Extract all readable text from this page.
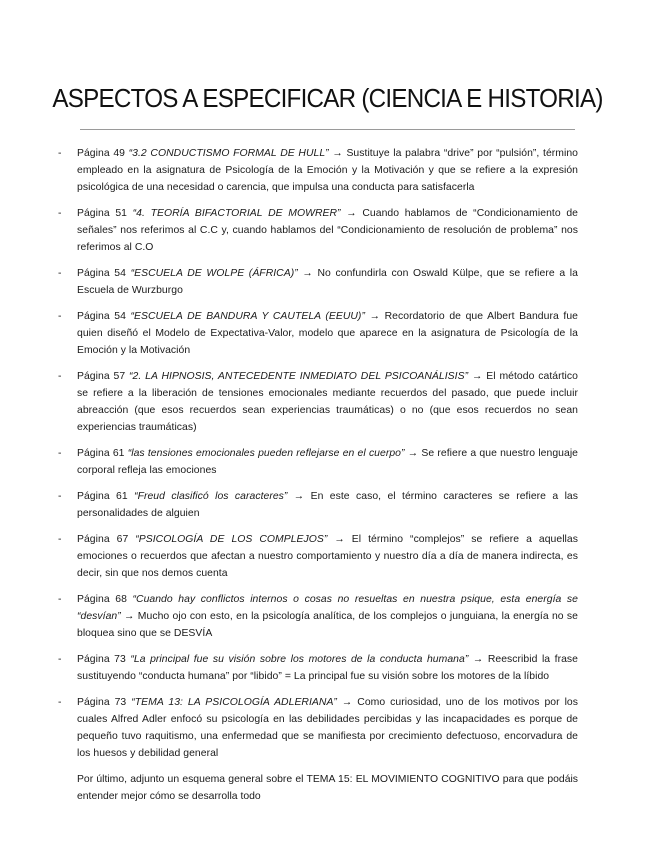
ASPECTOS A ESPECIFICAR (CIENCIA E HISTORIA)
- Página 49 “3.2 CONDUCTISMO FORMAL DE HULL” → Sustituye la palabra “drive” por “pulsión”, término empleado en la asignatura de Psicología de la Emoción y la Motivación y que se refiere a la expresión psicológica de una necesidad o carencia, que impulsa una conducta para satisfacerla
- Página 51 “4. TEORÍA BIFACTORIAL DE MOWRER” → Cuando hablamos de “Condicionamiento de señales” nos referimos al C.C y, cuando hablamos del “Condicionamiento de resolución de problema” nos referimos al C.O
- Página 54 “ESCUELA DE WOLPE (ÁFRICA)” → No confundirla con Oswald Külpe, que se refiere a la Escuela de Wurzburgo
- Página 54 “ESCUELA DE BANDURA Y CAUTELA (EEUU)” → Recordatorio de que Albert Bandura fue quien diseñó el Modelo de Expectativa-Valor, modelo que aparece en la asignatura de Psicología de la Emoción y la Motivación
- Página 57 “2. LA HIPNOSIS, ANTECEDENTE INMEDIATO DEL PSICOANÁLISIS” → El método catártico se refiere a la liberación de tensiones emocionales mediante recuerdos del pasado, que puede incluir abreacción (que esos recuerdos sean experiencias traumáticas) o no (que esos recuerdos no sean experiencias traumáticas)
- Página 61 “las tensiones emocionales pueden reflejarse en el cuerpo” → Se refiere a que nuestro lenguaje corporal refleja las emociones
- Página 61 “Freud clasificó los caracteres” → En este caso, el término caracteres se refiere a las personalidades de alguien
- Página 67 “PSICOLOGÍA DE LOS COMPLEJOS” → El término “complejos” se refiere a aquellas emociones o recuerdos que afectan a nuestro comportamiento y nuestro día a día de manera indirecta, es decir, sin que nos demos cuenta
- Página 68 “Cuando hay conflictos internos o cosas no resueltas en nuestra psique, esta energía se “desvían” → Mucho ojo con esto, en la psicología analítica, de los complejos o junguiana, la energía no se bloquea sino que se DESVÍA
- Página 73 “La principal fue su visión sobre los motores de la conducta humana” → Reescribid la frase sustituyendo “conducta humana” por “libido” = La principal fue su visión sobre los motores de la líbido
- Página 73 “TEMA 13: LA PSICOLOGÍA ADLERIANA” → Como curiosidad, uno de los motivos por los cuales Alfred Adler enfocó su psicología en las debilidades percibidas y las incapacidades es porque de pequeño tuvo raquitismo, una enfermedad que se manifiesta por crecimiento defectuoso, encorvadura de los huesos y debilidad general
Por último, adjunto un esquema general sobre el TEMA 15: EL MOVIMIENTO COGNITIVO para que podáis entender mejor cómo se desarrolla todo
